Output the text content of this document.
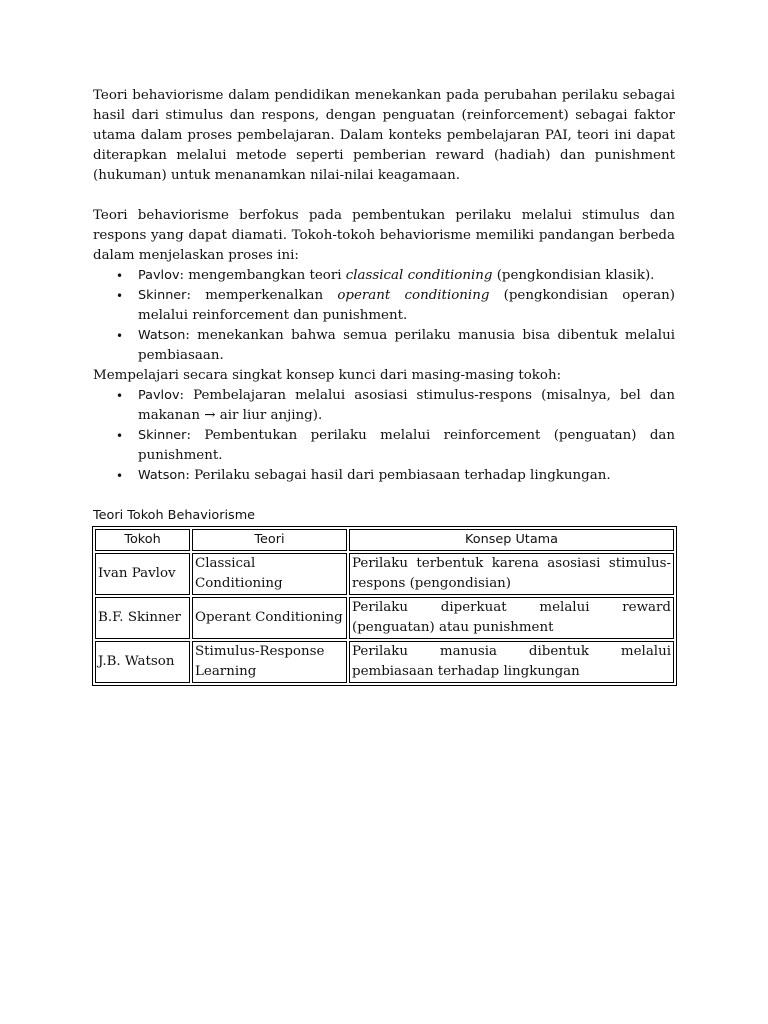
Teori behaviorisme dalam pendidikan menekankan pada perubahan perilaku sebagai hasil dari stimulus dan respons, dengan penguatan (reinforcement) sebagai faktor utama dalam proses pembelajaran. Dalam konteks pembelajaran PAI, teori ini dapat diterapkan melalui metode seperti pemberian reward (hadiah) dan punishment (hukuman) untuk menanamkan nilai-nilai keagamaan.

Teori behaviorisme berfokus pada pembentukan perilaku melalui stimulus dan respons yang dapat diamati. Tokoh-tokoh behaviorisme memiliki pandangan berbeda dalam menjelaskan proses ini:

• Pavlov: mengembangkan teori classical conditioning (pengkondisian klasik).
• Skinner: memperkenalkan operant conditioning (pengkondisian operan) melalui reinforcement dan punishment.
• Watson: menekankan bahwa semua perilaku manusia bisa dibentuk melalui pembiasaan.

Mempelajari secara singkat konsep kunci dari masing-masing tokoh:

• Pavlov: Pembelajaran melalui asosiasi stimulus-respons (misalnya, bel dan makanan → air liur anjing).
• Skinner: Pembentukan perilaku melalui reinforcement (penguatan) dan punishment.
• Watson: Perilaku sebagai hasil dari pembiasaan terhadap lingkungan.
Teori Tokoh Behaviorisme
Tokoh	Teori	Konsep Utama
Ivan Pavlov	Classical Conditioning	Perilaku terbentuk karena asosiasi stimulus-respons (pengondisian)
B.F. Skinner	Operant Conditioning	Perilaku diperkuat melalui reward (penguatan) atau punishment
J.B. Watson	Stimulus-Response Learning	Perilaku manusia dibentuk melalui pembiasaan terhadap lingkungan
